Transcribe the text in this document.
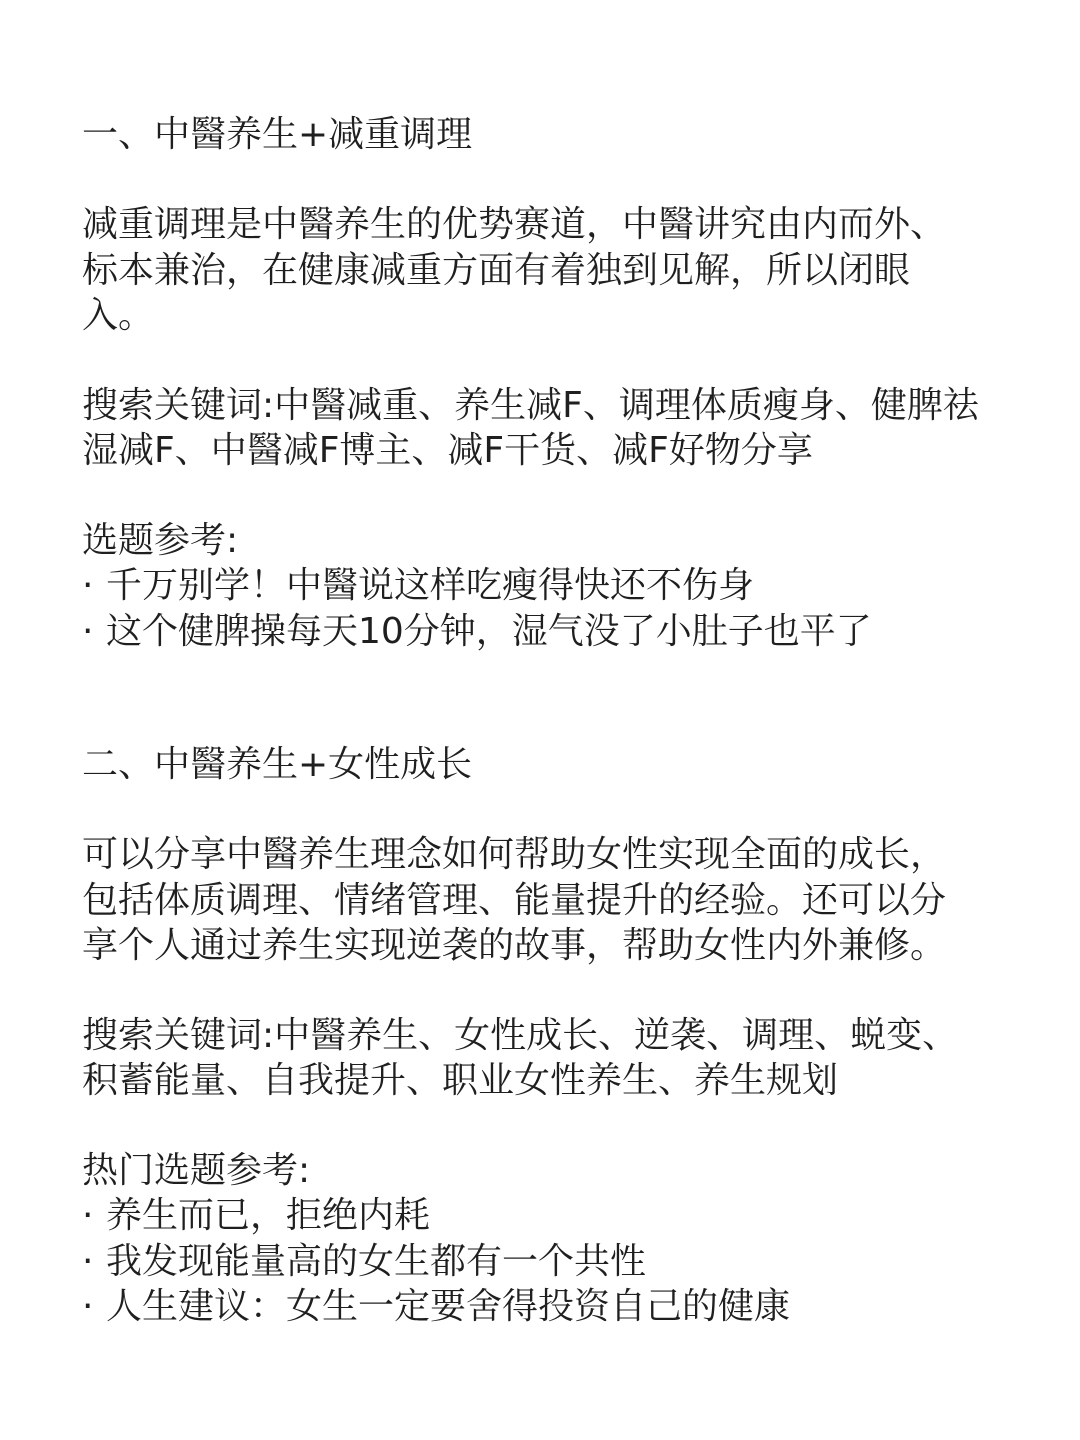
一、中醫养生+减重调理

减重调理是中醫养生的优势赛道，中醫讲究由内而外、
标本兼治，在健康减重方面有着独到见解，所以闭眼
入。

搜索关键词:中醫减重、养生减F、调理体质瘦身、健脾祛
湿减F、中醫减F博主、减F干货、减F好物分享

选题参考:

· 千万别学！中醫说这样吃瘦得快还不伤身
· 这个健脾操每天10分钟，湿气没了小肚子也平了
二、中醫养生+女性成长

可以分享中醫养生理念如何帮助女性实现全面的成长，
包括体质调理、情绪管理、能量提升的经验。还可以分
享个人通过养生实现逆袭的故事，帮助女性内外兼修。

搜索关键词:中醫养生、女性成长、逆袭、调理、蜕变、
积蓄能量、自我提升、职业女性养生、养生规划

热门选题参考:

· 养生而已，拒绝内耗
· 我发现能量高的女生都有一个共性
· 人生建议：女生一定要舍得投资自己的健康
